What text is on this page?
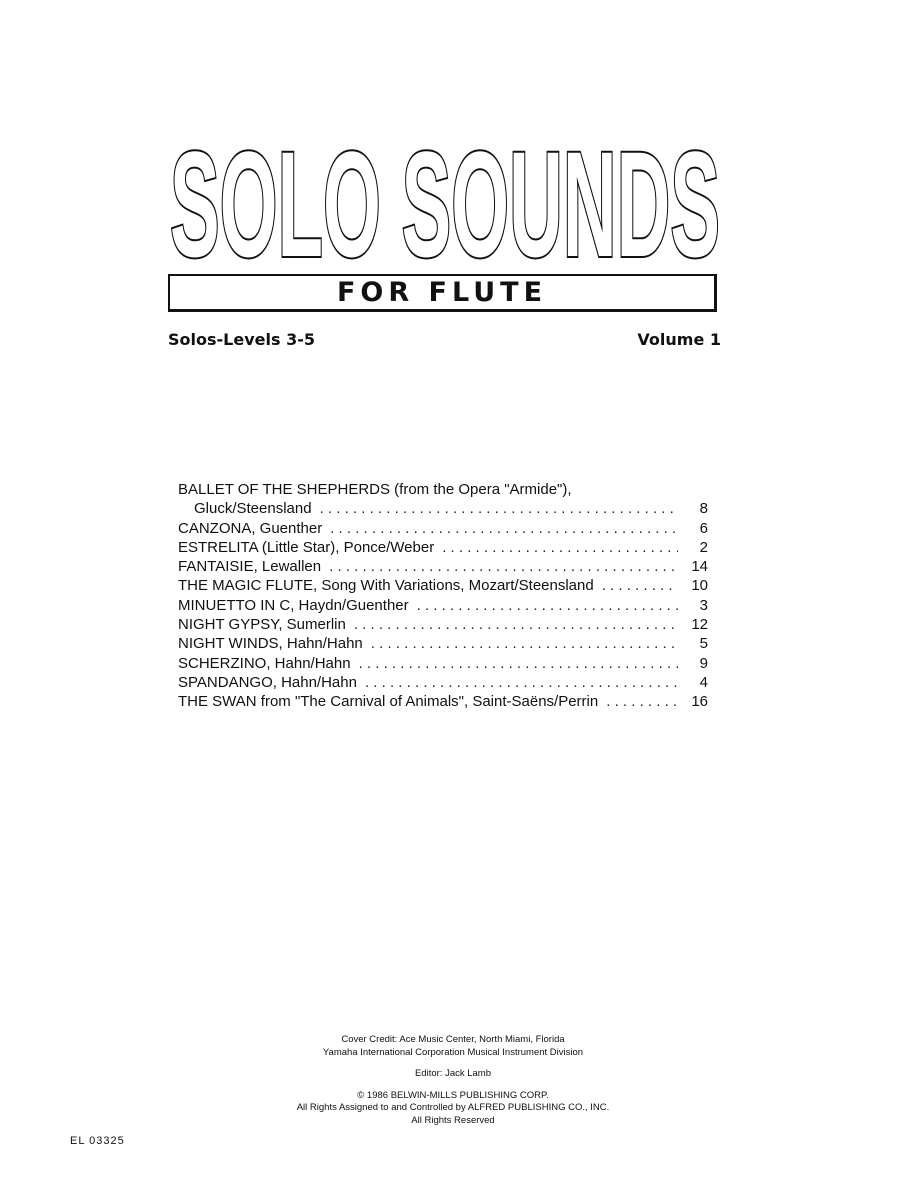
SOLO SOUNDS
FOR FLUTE
Solos-Levels 3-5	Volume 1
BALLET OF THE SHEPHERDS (from the Opera "Armide"),
Gluck/Steensland . . .	8
CANZONA, Guenther . . .	6
ESTRELITA (Little Star), Ponce/Weber . . .	2
FANTAISIE, Lewallen . . .	14
THE MAGIC FLUTE, Song With Variations, Mozart/Steensland . . .	10
MINUETTO IN C, Haydn/Guenther . . .	3
NIGHT GYPSY, Sumerlin . . .	12
NIGHT WINDS, Hahn/Hahn . . .	5
SCHERZINO, Hahn/Hahn . . .	9
SPANDANGO, Hahn/Hahn . . .	4
THE SWAN from "The Carnival of Animals", Saint-Saëns/Perrin . . .	16
Cover Credit: Ace Music Center, North Miami, Florida
Yamaha International Corporation Musical Instrument Division
Editor: Jack Lamb
© 1986 BELWIN-MILLS PUBLISHING CORP.
All Rights Assigned to and Controlled by ALFRED PUBLISHING CO., INC.
All Rights Reserved
EL 03325
